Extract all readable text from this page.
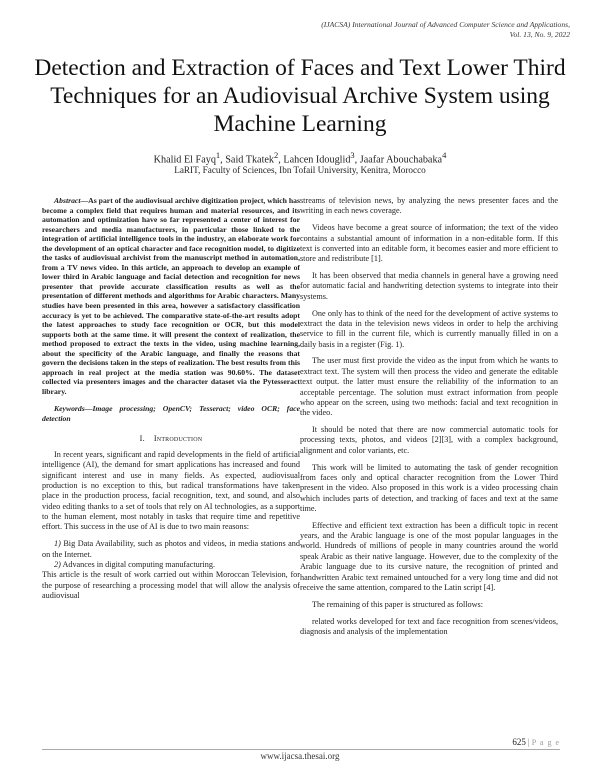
(IJACSA) International Journal of Advanced Computer Science and Applications,
Vol. 13, No. 9, 2022
Detection and Extraction of Faces and Text Lower Third Techniques for an Audiovisual Archive System using Machine Learning
Khalid El Fayq$^1$, Said Tkatek$^2$, Lahcen Idouglid$^3$, Jaafar Abouchabaka$^4$
LaRIT, Faculty of Sciences, Ibn Tofail University, Kenitra, Morocco

Abstract—As part of the audiovisual archive digitization project, which has become a complex field that requires human and material resources, and its automation and optimization have so far represented a center of interest for researchers and media manufacturers, in particular those linked to the integration of artificial intelligence tools in the industry, an elaborate work for the development of an optical character and face recognition model, to digitize the tasks of audiovisual archivist from the manuscript method in automation, from a TV news video. In this article, an approach to develop an example of lower third in Arabic language and facial detection and recognition for news presenter that provide accurate classification results as well as the presentation of different methods and algorithms for Arabic characters. Many studies have been presented in this area, however a satisfactory classification accuracy is yet to be achieved. The comparative state-of-the-art results adopt the latest approaches to study face recognition or OCR, but this model supports both at the same time. it will present the context of realization, the method proposed to extract the texts in the video, using machine learning, about the specificity of the Arabic language, and finally the reasons that govern the decisions taken in the steps of realization. The best results from this approach in real project at the media station was 90.60%. The dataset collected via presenters images and the character dataset via the Pytesseract library.

Keywords—Image processing; OpenCV; Tesseract; video OCR; face detection

I. Introduction

In recent years, significant and rapid developments in the field of artificial intelligence (AI), the demand for smart applications has increased and found significant interest and use in many fields. As expected, audiovisual production is no exception to this, but radical transformations have taken place in the production process, facial recognition, text, and sound, and also video editing thanks to a set of tools that rely on AI technologies, as a support to the human element, most notably in tasks that require time and repetitive effort. This success in the use of AI is due to two main reasons:

1) Big Data Availability, such as photos and videos, in media stations and on the Internet.

2) Advances in digital computing manufacturing.

This article is the result of work carried out within Moroccan Television, for the purpose of researching a processing model that will allow the analysis of audiovisual

streams of television news, by analyzing the news presenter faces and the writing in each news coverage.

Videos have become a great source of information; the text of the video contains a substantial amount of information in a non-editable form. If this text is converted into an editable form, it becomes easier and more efficient to store and redistribute [1].

It has been observed that media channels in general have a growing need for automatic facial and handwriting detection systems to integrate into their systems.

One only has to think of the need for the development of active systems to extract the data in the television news videos in order to help the archiving service to fill in the current file, which is currently manually filled in on a daily basis in a register (Fig. 1).

The user must first provide the video as the input from which he wants to extract text. The system will then process the video and generate the editable text output. the latter must ensure the reliability of the information to an acceptable percentage. The solution must extract information from people who appear on the screen, using two methods: facial and text recognition in the video.

It should be noted that there are now commercial automatic tools for processing texts, photos, and videos [2][3], with a complex background, alignment and color variants, etc.

This work will be limited to automating the task of gender recognition from faces only and optical character recognition from the Lower Third present in the video. Also proposed in this work is a video processing chain which includes parts of detection, and tracking of faces and text at the same time.

Effective and efficient text extraction has been a difficult topic in recent years, and the Arabic language is one of the most popular languages in the world. Hundreds of millions of people in many countries around the world speak Arabic as their native language. However, due to the complexity of the Arabic language due to its cursive nature, the recognition of printed and handwritten Arabic text remained untouched for a very long time and did not receive the same attention, compared to the Latin script [4].

The remaining of this paper is structured as follows:

related works developed for text and face recognition from scenes/videos, diagnosis and analysis of the implementation

625 | P a g e
www.ijacsa.thesai.org
